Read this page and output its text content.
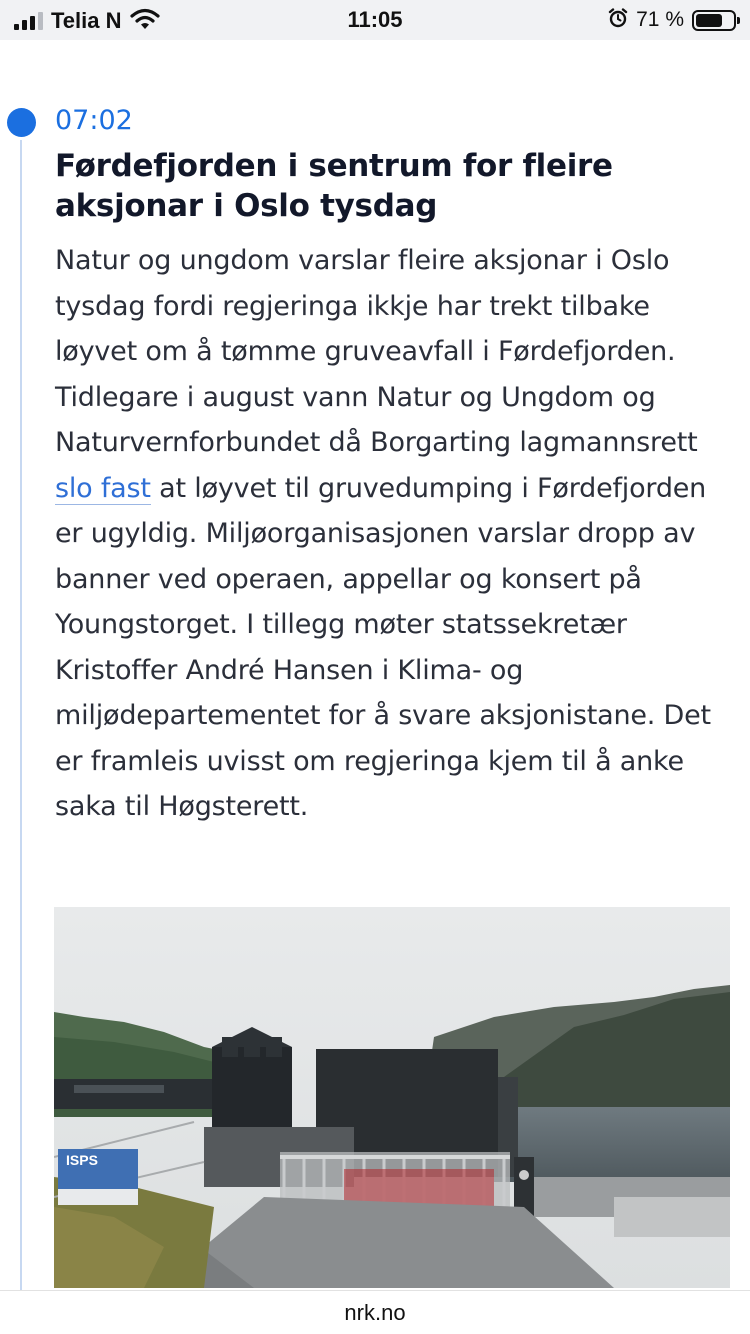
Telia N	11:05	71 %
07:02
Førdefjorden i sentrum for fleire aksjonar i Oslo tysdag

Natur og ungdom varslar fleire aksjonar i Oslo tysdag fordi regjeringa ikkje har trekt tilbake løyvet om å tømme gruveavfall i Førdefjorden. Tidlegare i august vann Natur og Ungdom og Naturvernforbundet då Borgarting lagmannsrett slo fast at løyvet til gruvedumping i Førdefjorden er ugyldig. Miljøorganisasjonen varslar dropp av banner ved operaen, appellar og konsert på Youngstorget. I tillegg møter statssekretær Kristoffer André Hansen i Klima- og miljødepartementet for å svare aksjonistane. Det er framleis uvisst om regjeringa kjem til å anke saka til Høgsterett.

ISPS
nrk.no
